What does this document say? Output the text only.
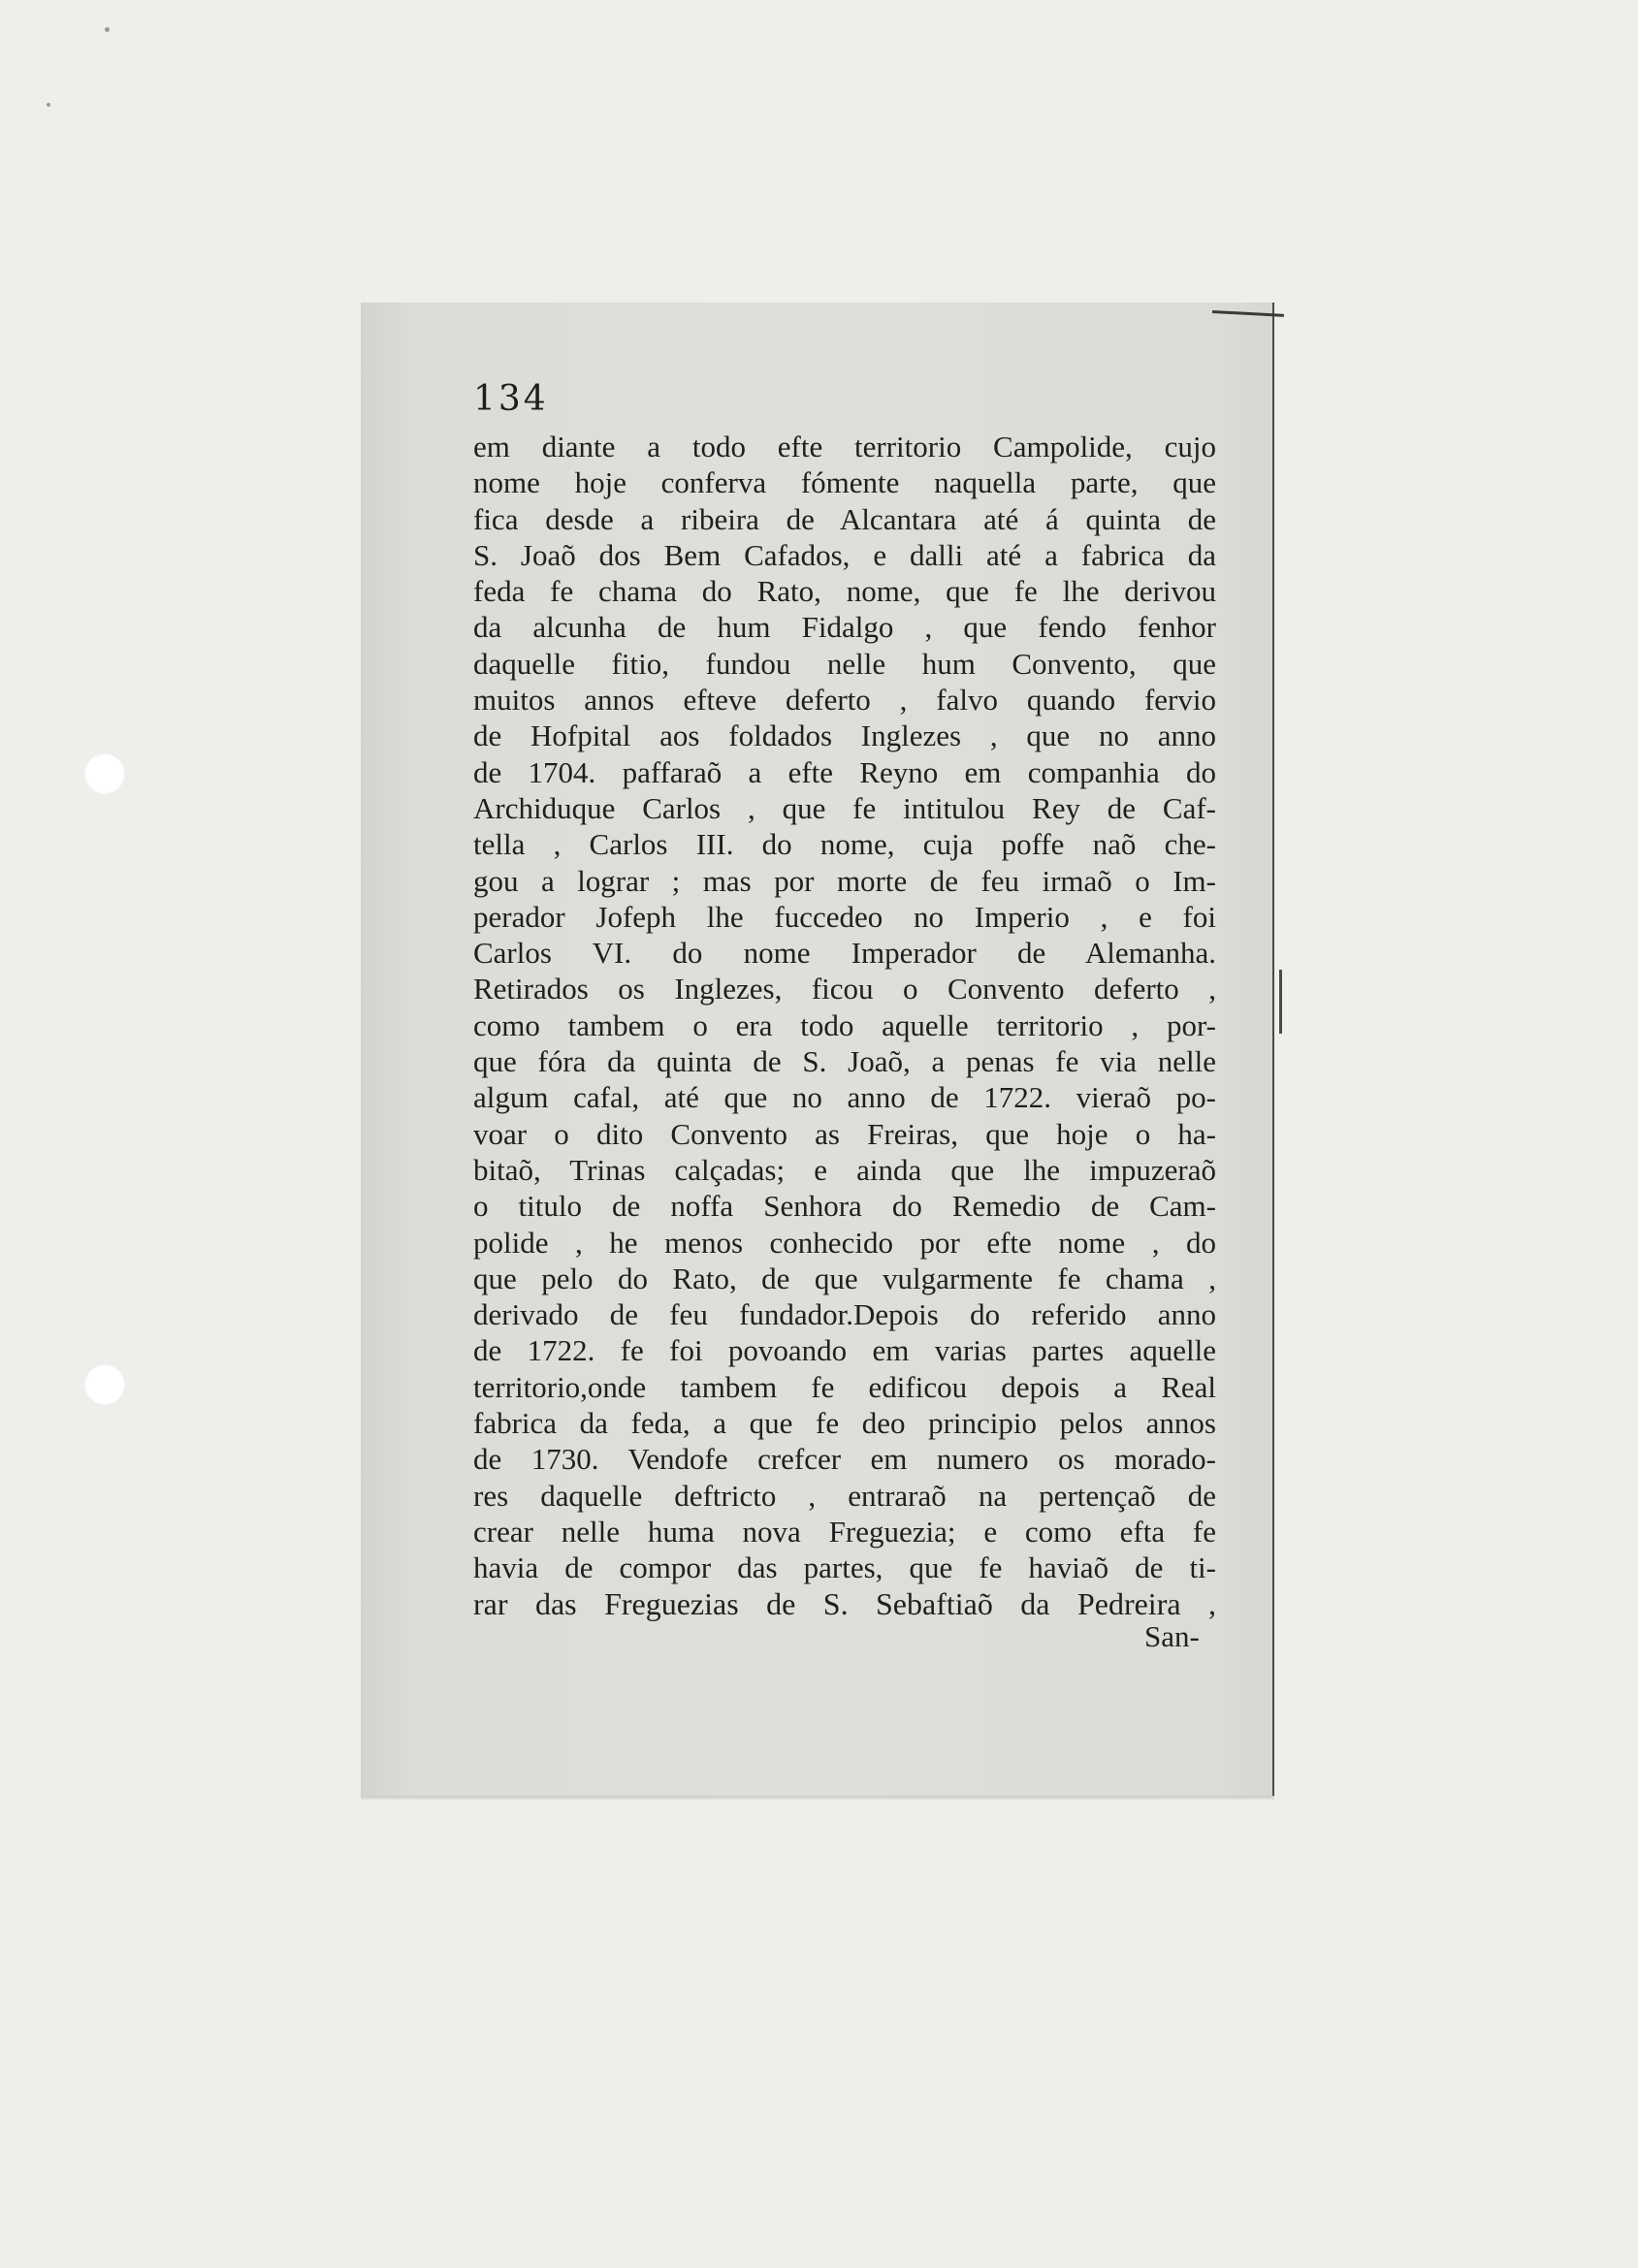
134

em diante a todo efte territorio Campolide, cujo
nome hoje conferva fómente naquella parte, que
fica desde a ribeira de Alcantara até á quinta de
S. Joaõ dos Bem Cafados, e dalli até a fabrica da
feda fe chama do Rato, nome, que fe lhe derivou
da alcunha de hum Fidalgo , que fendo fenhor
daquelle fitio, fundou nelle hum Convento, que
muitos annos efteve deferto , falvo quando fervio
de Hofpital aos foldados Inglezes , que no anno
de 1704. paffaraõ a efte Reyno em companhia do
Archiduque Carlos , que fe intitulou Rey de Caf-
tella , Carlos III. do nome, cuja poffe naõ che-
gou a lograr ; mas por morte de feu irmaõ o Im-
perador Jofeph lhe fuccedeo no Imperio , e foi
Carlos VI. do nome Imperador de Alemanha.
Retirados os Inglezes, ficou o Convento deferto ,
como tambem o era todo aquelle territorio , por-
que fóra da quinta de S. Joaõ, a penas fe via nelle
algum cafal, até que no anno de 1722. vieraõ po-
voar o dito Convento as Freiras, que hoje o ha-
bitaõ, Trinas calçadas; e ainda que lhe impuzeraõ
o titulo de noffa Senhora do Remedio de Cam-
polide , he menos conhecido por efte nome , do
que pelo do Rato, de que vulgarmente fe chama ,
derivado de feu fundador.Depois do referido anno
de 1722. fe foi povoando em varias partes aquelle
territorio,onde tambem fe edificou depois a Real
fabrica da feda, a que fe deo principio pelos annos
de 1730. Vendofe crefcer em numero os morado-
res daquelle deftricto , entraraõ na pertençaõ de
crear nelle huma nova Freguezia; e como efta fe
havia de compor das partes, que fe haviaõ de ti-
rar das Freguezias de S. Sebaftiaõ da Pedreira ,

San-
